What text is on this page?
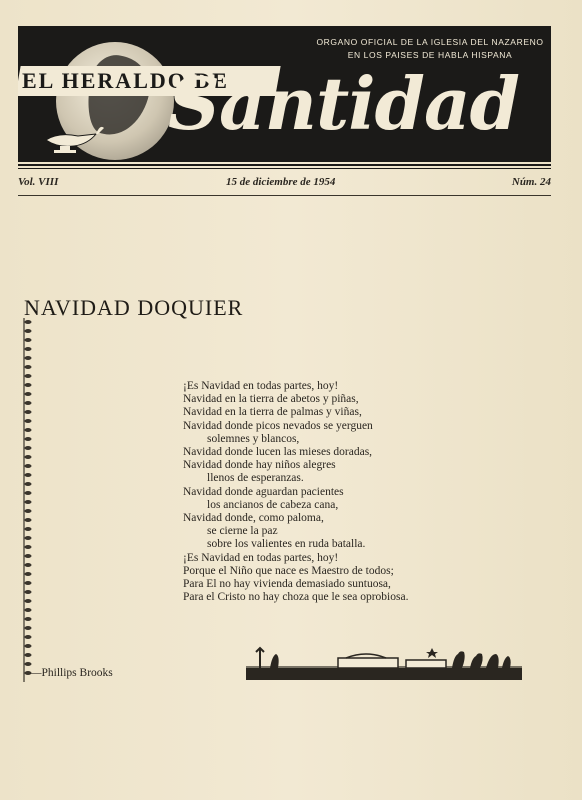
EL HERALDO DE
Santidad
ORGANO OFICIAL DE LA IGLESIA DEL NAZARENO
EN LOS PAISES DE HABLA HISPANA
Vol. VIII	15 de diciembre de 1954	Núm. 24
NAVIDAD DOQUIER
¡Es Navidad en todas partes, hoy!
Navidad en la tierra de abetos y piñas,
Navidad en la tierra de palmas y viñas,
Navidad donde picos nevados se yerguen
solemnes y blancos,
Navidad donde lucen las mieses doradas,
Navidad donde hay niños alegres
llenos de esperanzas.
Navidad donde aguardan pacientes
los ancianos de cabeza cana,
Navidad donde, como paloma,
se cierne la paz
sobre los valientes en ruda batalla.
¡Es Navidad en todas partes, hoy!
Porque el Niño que nace es Maestro de todos;
Para El no hay vivienda demasiado suntuosa,
Para el Cristo no hay choza que le sea oprobiosa.
—Phillips Brooks
